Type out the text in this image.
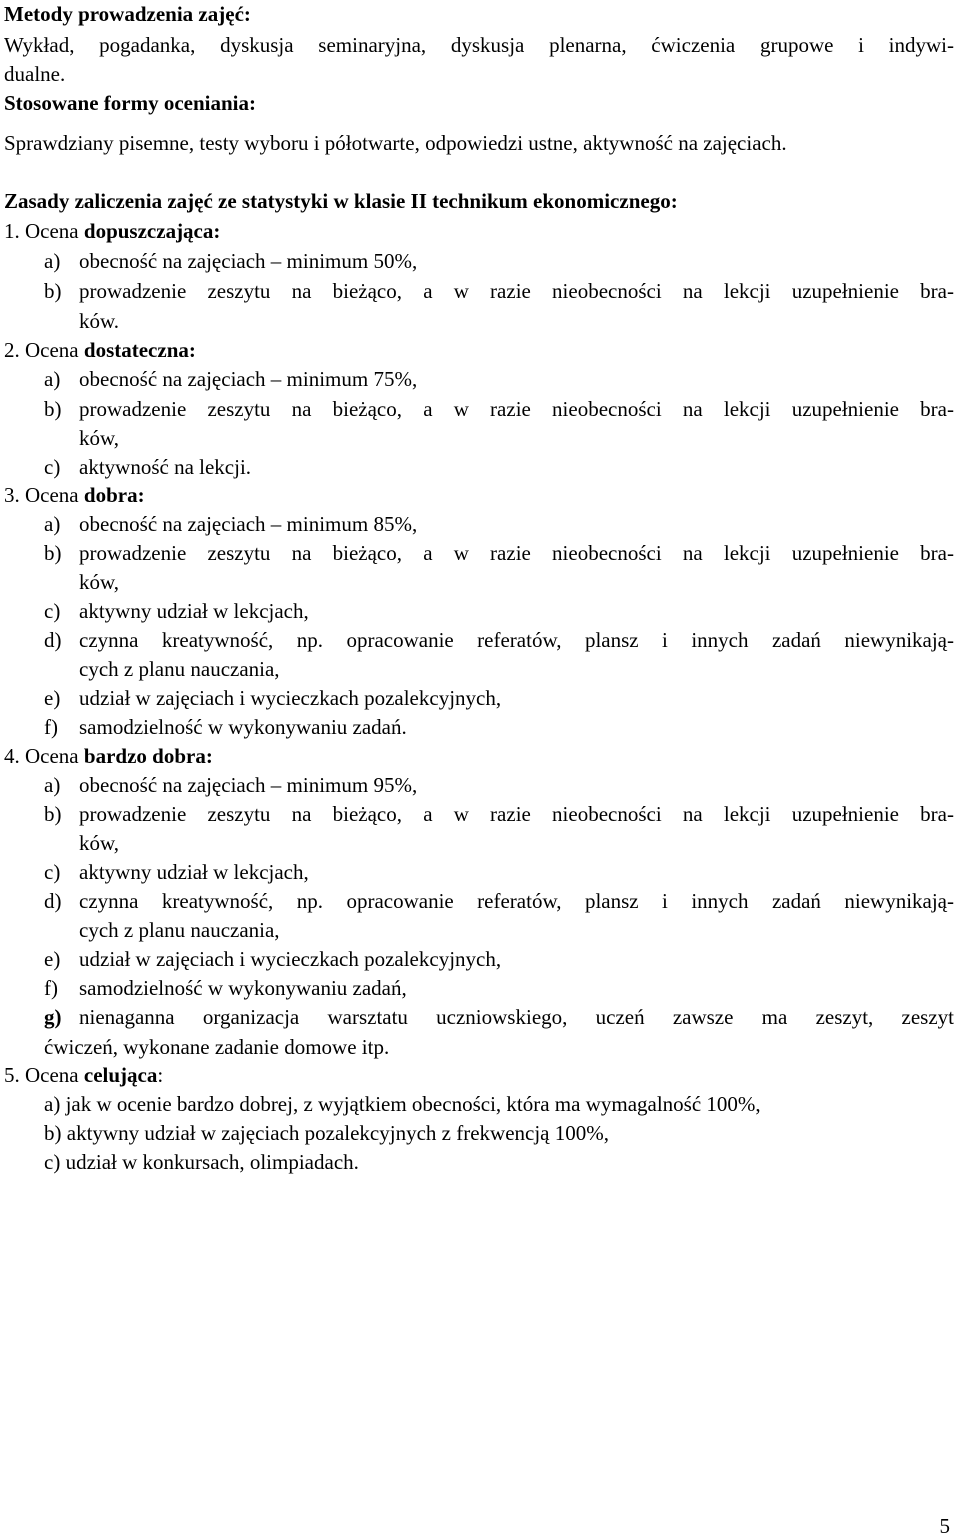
Metody prowadzenia zajęć:
Wykład, pogadanka, dyskusja seminaryjna, dyskusja plenarna, ćwiczenia grupowe i indywi-
dualne.
Stosowane formy oceniania:
Sprawdziany pisemne, testy wyboru i półotwarte, odpowiedzi ustne, aktywność na zajęciach.
Zasady zaliczenia zajęć ze statystyki w klasie II technikum ekonomicznego:
1. Ocena dopuszczająca:
a) obecność na zajęciach – minimum 50%,
b) prowadzenie zeszytu na bieżąco, a w razie nieobecności na lekcji uzupełnienie bra-
ków.
2. Ocena dostateczna:
a) obecność na zajęciach – minimum 75%,
b) prowadzenie zeszytu na bieżąco, a w razie nieobecności na lekcji uzupełnienie bra-
ków,
c) aktywność na lekcji.
3. Ocena dobra:
a) obecność na zajęciach – minimum 85%,
b) prowadzenie zeszytu na bieżąco, a w razie nieobecności na lekcji uzupełnienie bra-
ków,
c) aktywny udział w lekcjach,
d) czynna kreatywność, np. opracowanie referatów, plansz i innych zadań niewynikają-
cych z planu nauczania,
e) udział w zajęciach i wycieczkach pozalekcyjnych,
f) samodzielność w wykonywaniu zadań.
4. Ocena bardzo dobra:
a) obecność na zajęciach – minimum 95%,
b) prowadzenie zeszytu na bieżąco, a w razie nieobecności na lekcji uzupełnienie bra-
ków,
c) aktywny udział w lekcjach,
d) czynna kreatywność, np. opracowanie referatów, plansz i innych zadań niewynikają-
cych z planu nauczania,
e) udział w zajęciach i wycieczkach pozalekcyjnych,
f) samodzielność w wykonywaniu zadań,
g) nienaganna organizacja warsztatu uczniowskiego, uczeń zawsze ma zeszyt, zeszyt
ćwiczeń, wykonane zadanie domowe itp.
5. Ocena celująca:
a) jak w ocenie bardzo dobrej, z wyjątkiem obecności, która ma wymagalność 100%,
b) aktywny udział w zajęciach pozalekcyjnych z frekwencją 100%,
c) udział w konkursach, olimpiadach.
5
